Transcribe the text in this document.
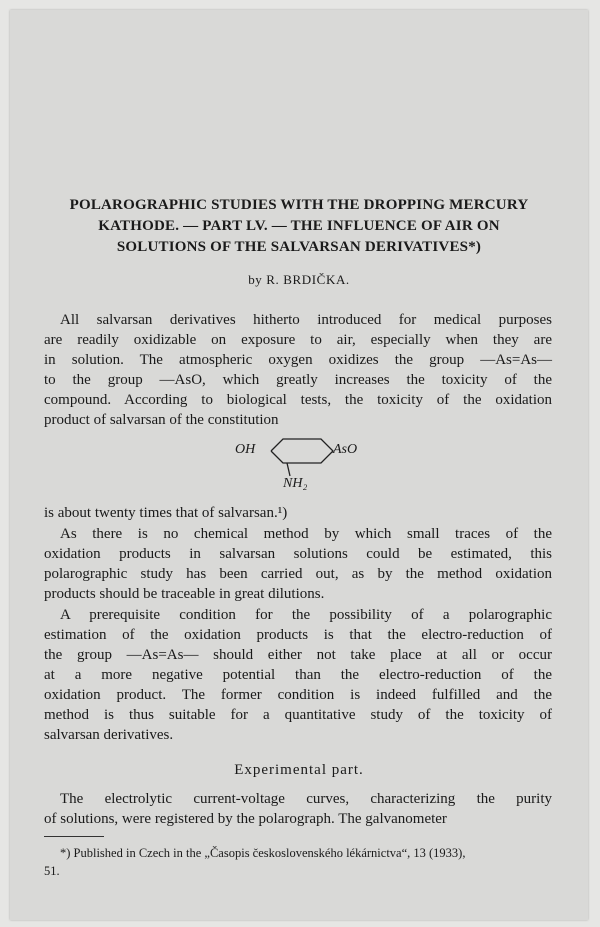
POLAROGRAPHIC STUDIES WITH THE DROPPING MERCURY
KATHODE. — PART LV. — THE INFLUENCE OF AIR ON
SOLUTIONS OF THE SALVARSAN DERIVATIVES*)
by R. BRDIČKA.
All salvarsan derivatives hitherto introduced for medical purposes
are readily oxidizable on exposure to air, especially when they are
in solution. The atmospheric oxygen oxidizes the group —As=As—
to the group —AsO, which greatly increases the toxicity of the
compound. According to biological tests, the toxicity of the oxidation
product of salvarsan of the constitution
OH	AsO
NH₂
is about twenty times that of salvarsan.¹)
As there is no chemical method by which small traces of the
oxidation products in salvarsan solutions could be estimated, this
polarographic study has been carried out, as by the method oxidation
products should be traceable in great dilutions.
A prerequisite condition for the possibility of a polarographic
estimation of the oxidation products is that the electro-reduction of
the group —As=As— should either not take place at all or occur
at a more negative potential than the electro-reduction of the
oxidation product. The former condition is indeed fulfilled and the
method is thus suitable for a quantitative study of the toxicity of
salvarsan derivatives.
Experimental part.
The electrolytic current-voltage curves, characterizing the purity
of solutions, were registered by the polarograph. The galvanometer
*) Published in Czech in the „Časopis československého lékárnictva“, 13 (1933),
51.
